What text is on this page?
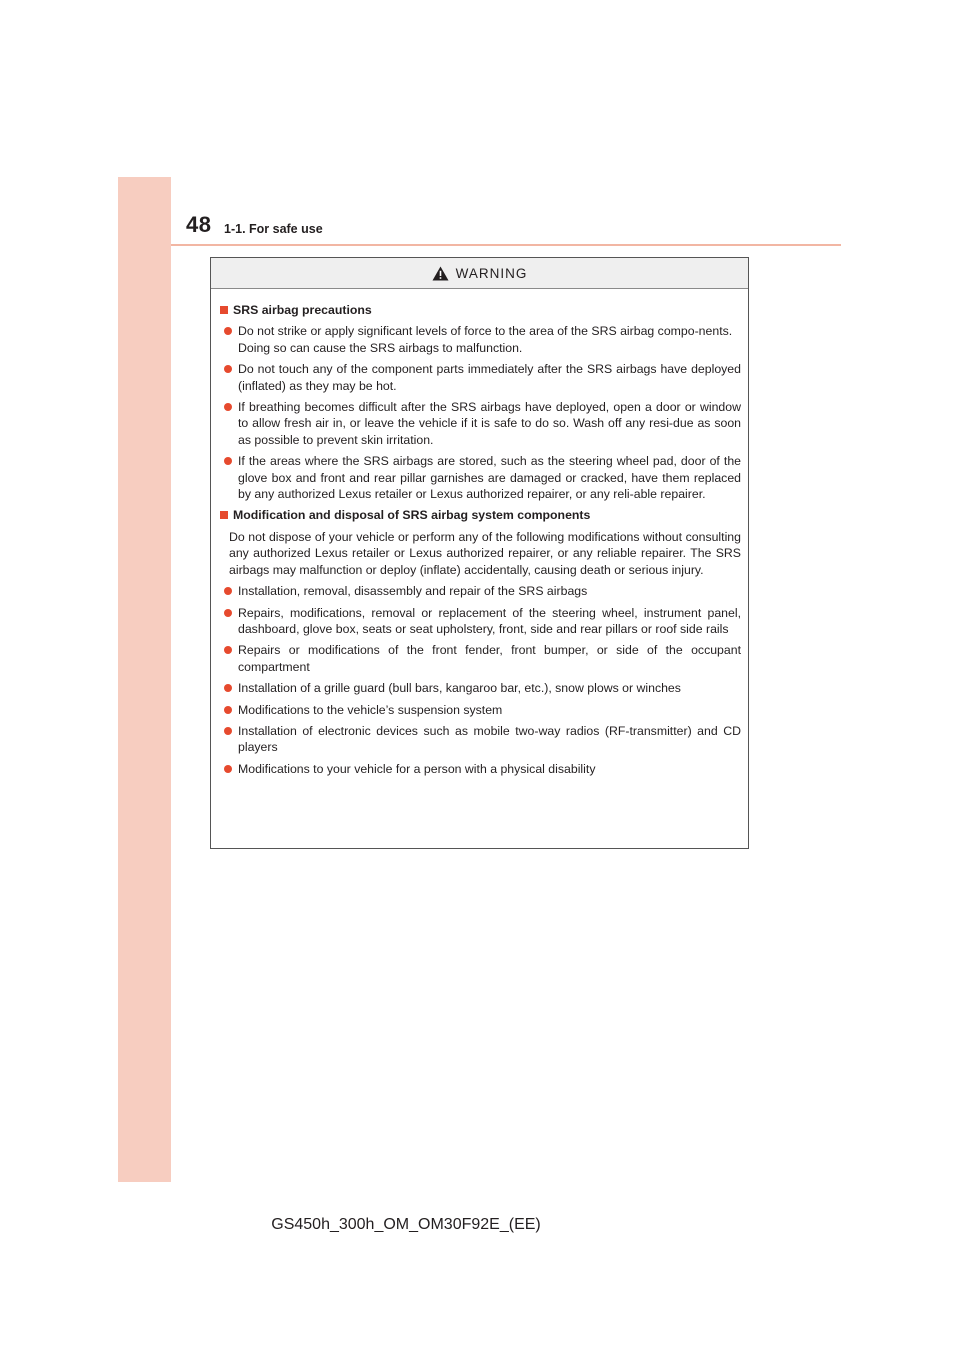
48 1-1. For safe use
WARNING
SRS airbag precautions
Do not strike or apply significant levels of force to the area of the SRS airbag compo-nents.
Doing so can cause the SRS airbags to malfunction.
Do not touch any of the component parts immediately after the SRS airbags have deployed (inflated) as they may be hot.
If breathing becomes difficult after the SRS airbags have deployed, open a door or window to allow fresh air in, or leave the vehicle if it is safe to do so. Wash off any resi-due as soon as possible to prevent skin irritation.
If the areas where the SRS airbags are stored, such as the steering wheel pad, door of the glove box and front and rear pillar garnishes are damaged or cracked, have them replaced by any authorized Lexus retailer or Lexus authorized repairer, or any reli-able repairer.
Modification and disposal of SRS airbag system components
Do not dispose of your vehicle or perform any of the following modifications without consulting any authorized Lexus retailer or Lexus authorized repairer, or any reliable repairer. The SRS airbags may malfunction or deploy (inflate) accidentally, causing death or serious injury.
Installation, removal, disassembly and repair of the SRS airbags
Repairs, modifications, removal or replacement of the steering wheel, instrument panel, dashboard, glove box, seats or seat upholstery, front, side and rear pillars or roof side rails
Repairs or modifications of the front fender, front bumper, or side of the occupant compartment
Installation of a grille guard (bull bars, kangaroo bar, etc.), snow plows or winches
Modifications to the vehicle’s suspension system
Installation of electronic devices such as mobile two-way radios (RF-transmitter) and CD players
Modifications to your vehicle for a person with a physical disability
GS450h_300h_OM_OM30F92E_(EE)
